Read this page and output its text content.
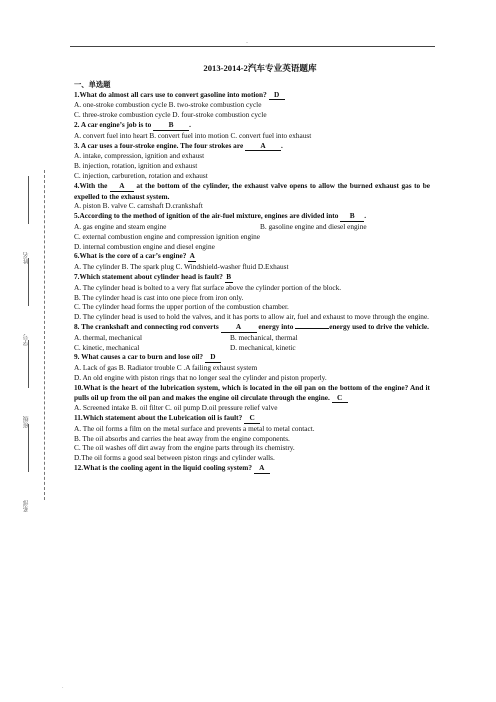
-
姓名
学号
班级
系部
2013-2014-2汽车专业英语题库
一、单选题
1.What do almost all cars use to convert gasoline into motion? D
A. one-stroke combustion cycle B. two-stroke combustion cycle
C. three-stroke combustion cycle D. four-stroke combustion cycle
2. A car engine’s job is to B .
A. convert fuel into heart B. convert fuel into motion C. convert fuel into exhaust
3. A car uses a four-stroke engine. The four strokes are A .
A. intake, compression, ignition and exhaust
B. injection, rotation, ignition and exhaust
C. injection, carburetion, rotation and exhaust
4.With the A at the bottom of the cylinder, the exhaust valve opens to allow the burned exhaust gas to be expelled to the exhaust system.
A. piston B. valve C. camshaft D.crankshaft
5.According to the method of ignition of the air-fuel mixture, engines are divided into B .
A. gas engine and steam engine	B. gasoline engine and diesel engine
C. external combustion engine and compression ignition engine
D. internal combustion engine and diesel engine
6.What is the core of a car’s engine? A
A. The cylinder B. The spark plug C. Windshield-washer fluid D.Exhaust
7.Which statement about cylinder head is fault? B
A. The cylinder head is bolted to a very flat surface above the cylinder portion of the block.
B. The cylinder head is cast into one piece from iron only.
C. The cylinder head forms the upper portion of the combustion chamber.
D. The cylinder head is used to hold the valves, and it has ports to allow air, fuel and exhaust to move through the engine.
8. The crankshaft and connecting rod converts A energy into	energy used to drive the vehicle.
A. thermal, mechanical	B. mechanical, thermal
C. kinetic, mechanical	D. mechanical, kinetic
9. What causes a car to burn and lose oil? D
A. Lack of gas B. Radiator trouble C .A failing exhaust system
D. An old engine with piston rings that no longer seal the cylinder and piston properly.
10.What is the heart of the lubrication system, which is located in the oil pan on the bottom of the engine? And it pulls oil up from the oil pan and makes the engine oil circulate through the engine. C
A. Screened intake B. oil filter C. oil pump D.oil pressure relief valve
11.Which statement about the Lubrication oil is fault? C
A. The oil forms a film on the metal surface and prevents a metal to metal contact.
B. The oil absorbs and carries the heat away from the engine components.
C. The oil washes off dirt away from the engine parts through its chemistry.
D.The oil forms a good seal between piston rings and cylinder walls.
12.What is the cooling agent in the liquid cooling system? A
.
